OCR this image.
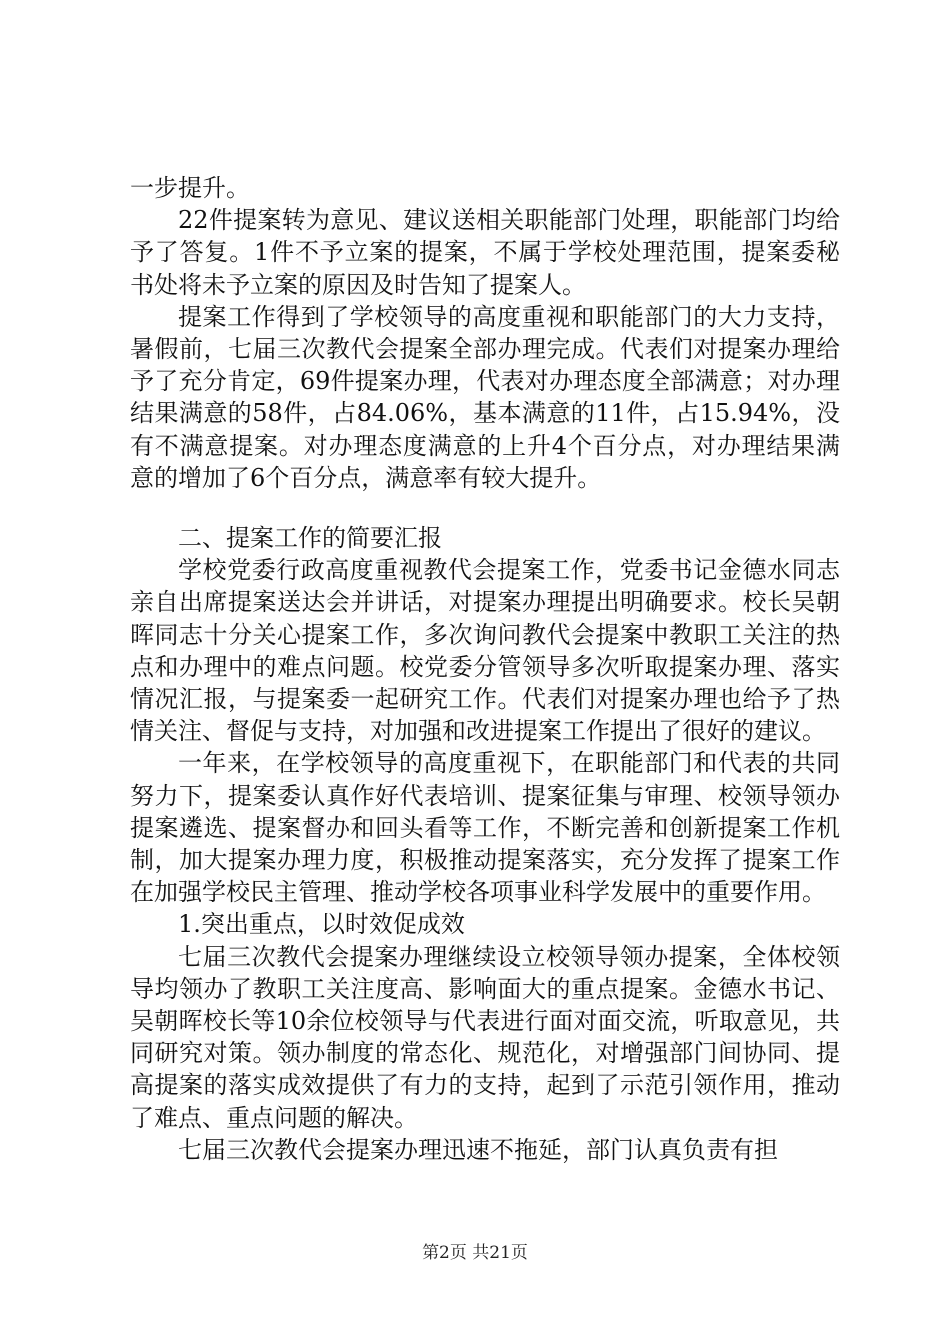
一步提升。

22件提案转为意见、建议送相关职能部门处理，职能部门均给予了答复。1件不予立案的提案，不属于学校处理范围，提案委秘书处将未予立案的原因及时告知了提案人。

提案工作得到了学校领导的高度重视和职能部门的大力支持，暑假前，七届三次教代会提案全部办理完成。代表们对提案办理给予了充分肯定，69件提案办理，代表对办理态度全部满意；对办理结果满意的58件，占84.06%，基本满意的11件，占15.94%，没有不满意提案。对办理态度满意的上升4个百分点，对办理结果满意的增加了6个百分点，满意率有较大提升。

二、提案工作的简要汇报

学校党委行政高度重视教代会提案工作，党委书记金德水同志亲自出席提案送达会并讲话，对提案办理提出明确要求。校长吴朝晖同志十分关心提案工作，多次询问教代会提案中教职工关注的热点和办理中的难点问题。校党委分管领导多次听取提案办理、落实情况汇报，与提案委一起研究工作。代表们对提案办理也给予了热情关注、督促与支持，对加强和改进提案工作提出了很好的建议。

一年来，在学校领导的高度重视下，在职能部门和代表的共同努力下，提案委认真作好代表培训、提案征集与审理、校领导领办提案遴选、提案督办和回头看等工作，不断完善和创新提案工作机制，加大提案办理力度，积极推动提案落实，充分发挥了提案工作在加强学校民主管理、推动学校各项事业科学发展中的重要作用。

1.突出重点，以时效促成效

七届三次教代会提案办理继续设立校领导领办提案，全体校领导均领办了教职工关注度高、影响面大的重点提案。金德水书记、吴朝晖校长等10余位校领导与代表进行面对面交流，听取意见，共同研究对策。领办制度的常态化、规范化，对增强部门间协同、提高提案的落实成效提供了有力的支持，起到了示范引领作用，推动了难点、重点问题的解决。

七届三次教代会提案办理迅速不拖延，部门认真负责有担

第2页 共21页
